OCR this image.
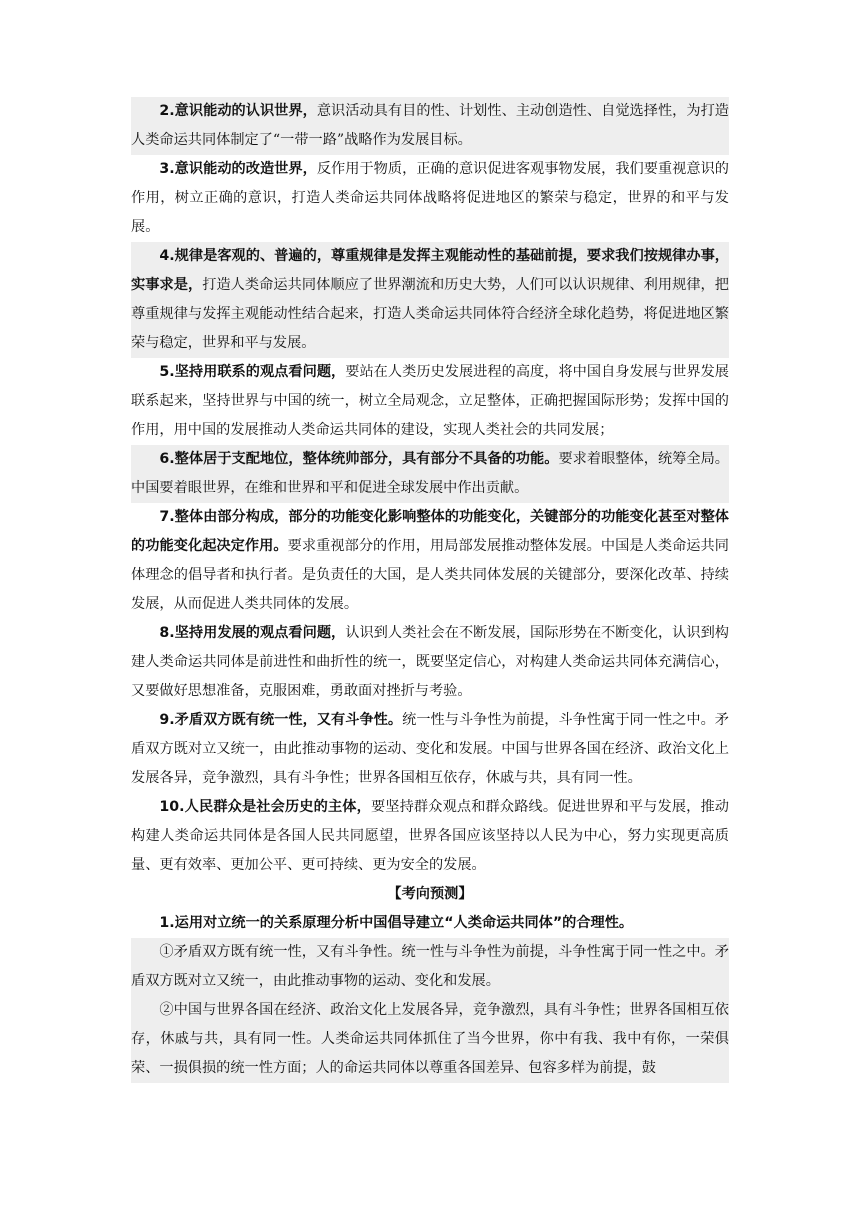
2.意识能动的认识世界，意识活动具有目的性、计划性、主动创造性、自觉选择性，为打造人类命运共同体制定了“一带一路”战略作为发展目标。

3.意识能动的改造世界，反作用于物质，正确的意识促进客观事物发展，我们要重视意识的作用，树立正确的意识，打造人类命运共同体战略将促进地区的繁荣与稳定，世界的和平与发展。

4.规律是客观的、普遍的，尊重规律是发挥主观能动性的基础前提，要求我们按规律办事，实事求是，打造人类命运共同体顺应了世界潮流和历史大势，人们可以认识规律、利用规律，把尊重规律与发挥主观能动性结合起来，打造人类命运共同体符合经济全球化趋势，将促进地区繁荣与稳定，世界和平与发展。

5.坚持用联系的观点看问题，要站在人类历史发展进程的高度，将中国自身发展与世界发展联系起来，坚持世界与中国的统一，树立全局观念，立足整体，正确把握国际形势；发挥中国的作用，用中国的发展推动人类命运共同体的建设，实现人类社会的共同发展；

6.整体居于支配地位，整体统帅部分，具有部分不具备的功能。要求着眼整体，统筹全局。中国要着眼世界，在维和世界和平和促进全球发展中作出贡献。

7.整体由部分构成，部分的功能变化影响整体的功能变化，关键部分的功能变化甚至对整体的功能变化起决定作用。要求重视部分的作用，用局部发展推动整体发展。中国是人类命运共同体理念的倡导者和执行者。是负责任的大国，是人类共同体发展的关键部分，要深化改革、持续发展，从而促进人类共同体的发展。

8.坚持用发展的观点看问题，认识到人类社会在不断发展，国际形势在不断变化，认识到构建人类命运共同体是前进性和曲折性的统一，既要坚定信心，对构建人类命运共同体充满信心，又要做好思想准备，克服困难，勇敢面对挫折与考验。

9.矛盾双方既有统一性，又有斗争性。统一性与斗争性为前提，斗争性寓于同一性之中。矛盾双方既对立又统一，由此推动事物的运动、变化和发展。中国与世界各国在经济、政治文化上发展各异，竞争激烈，具有斗争性；世界各国相互依存，休戚与共，具有同一性。

10.人民群众是社会历史的主体，要坚持群众观点和群众路线。促进世界和平与发展，推动构建人类命运共同体是各国人民共同愿望，世界各国应该坚持以人民为中心，努力实现更高质量、更有效率、更加公平、更可持续、更为安全的发展。

【考向预测】

1.运用对立统一的关系原理分析中国倡导建立“人类命运共同体”的合理性。

①矛盾双方既有统一性，又有斗争性。统一性与斗争性为前提，斗争性寓于同一性之中。矛盾双方既对立又统一，由此推动事物的运动、变化和发展。

②中国与世界各国在经济、政治文化上发展各异，竞争激烈，具有斗争性；世界各国相互依存，休戚与共，具有同一性。人类命运共同体抓住了当今世界，你中有我、我中有你，一荣俱荣、一损俱损的统一性方面；人的命运共同体以尊重各国差异、包容多样为前提，鼓
